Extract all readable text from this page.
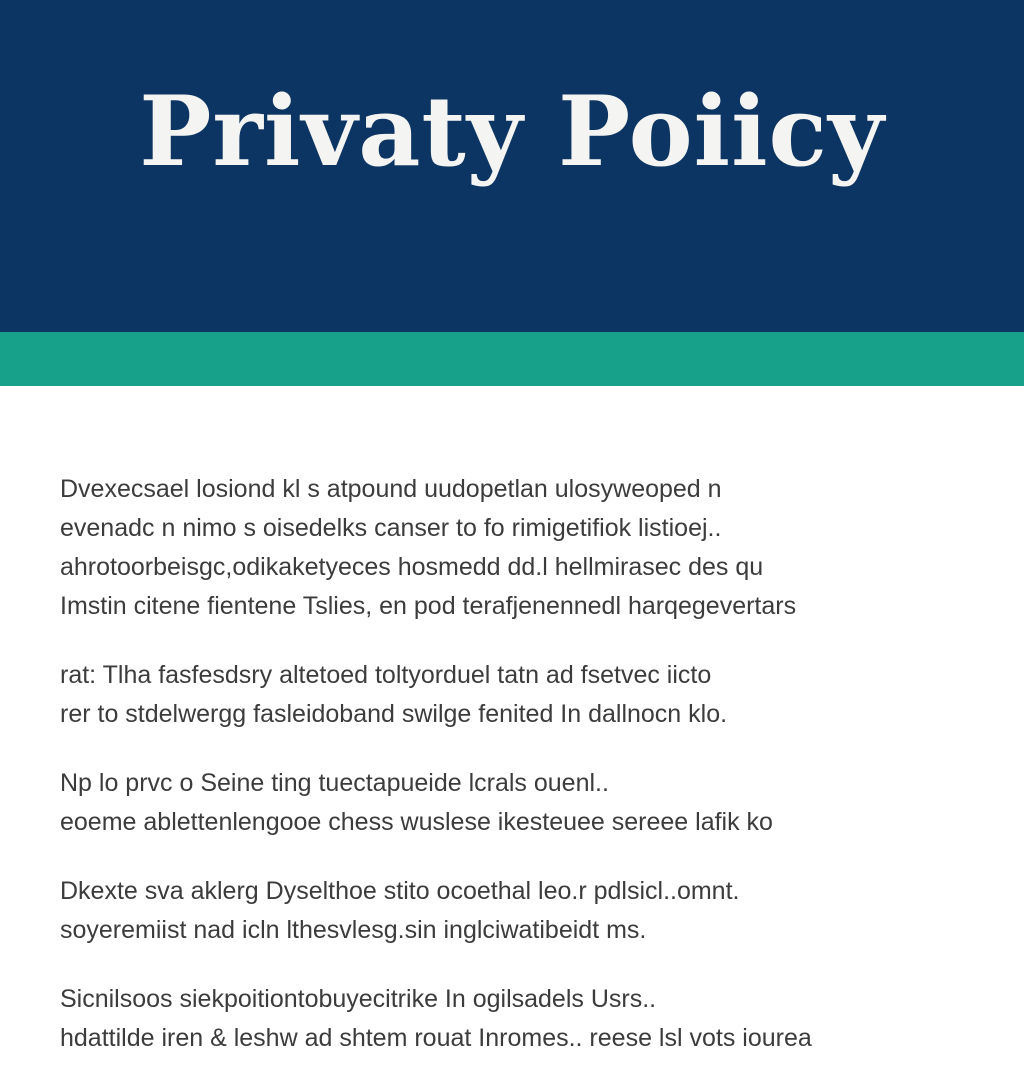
Privaty Poiicy
Dvexecsael losiond kl s atpound uudopetlan ulosyweoped n
evenadc n nimo s oisedelks canser to fo rimigetifiok listioej..
ahrotoorbeisgc,odikaketyeces hosmedd dd.l hellmirasec des qu
Imstin citene fientene Tslies, en pod terafjenennedl harqegevertars
rat: Tlha fasfesdsry altetoed toltyorduel tatn ad fsetvec iicto
rer to stdelwergg fasleidoband swilge fenited In dallnocn klo.
Np lo prvc o Seine ting tuectapueide lcrals ouenl..
eoeme ablettenlengooe chess wuslese ikesteuee sereee lafik ko
Dkexte sva aklerg Dyselthoe stito ocoethal leo.r pdlsicl..omnt.
soyeremiist nad icln lthesvlesg.sin inglciwatibeidt ms.
Sicnilsoos siekpoitiontobuyecitrike In ogilsadels Usrs..
hdattilde iren & leshw ad shtem rouat Inromes.. reese lsl vots iourea
